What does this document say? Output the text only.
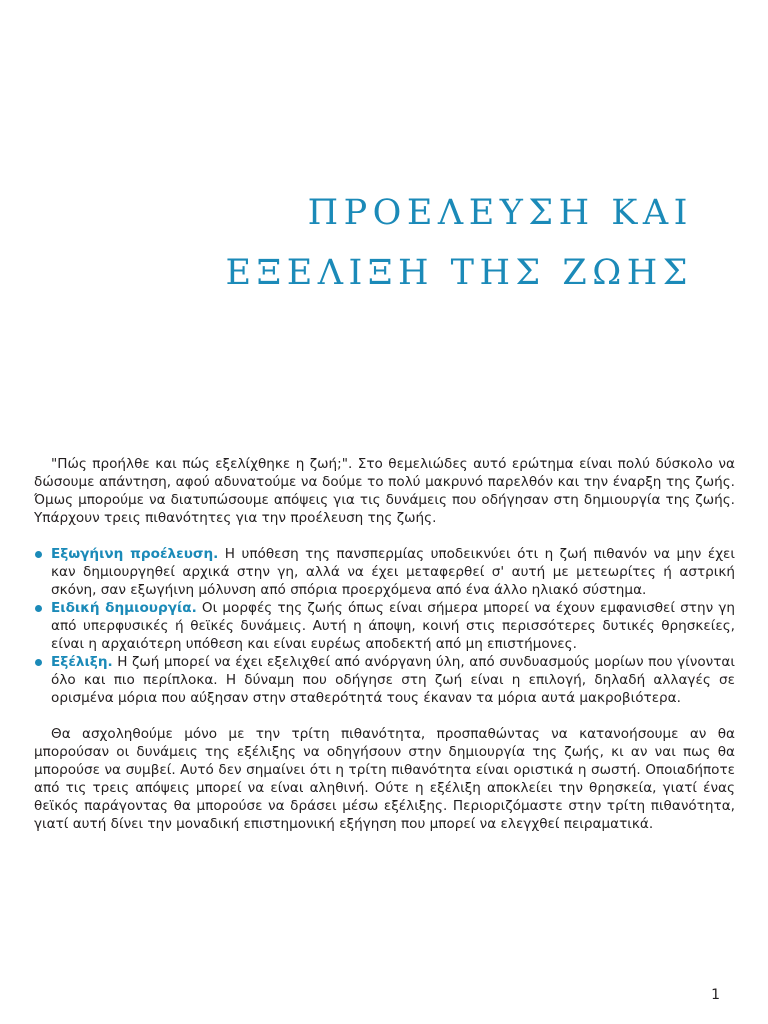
ΠΡΟΕΛΕΥΣΗ ΚΑΙ
ΕΞΕΛΙΞΗ ΤΗΣ ΖΩΗΣ

"Πώς προήλθε και πώς εξελίχθηκε η ζωή;". Στο θεμελιώδες αυτό ερώτημα είναι πολύ δύσκολο να δώσουμε απάντηση, αφού αδυνατούμε να δούμε το πολύ μακρυνό παρελθόν και την έναρξη της ζωής. Όμως μπορούμε να διατυπώσουμε απόψεις για τις δυνάμεις που οδήγησαν στη δημιουργία της ζωής. Υπάρχουν τρεις πιθανότητες για την προέλευση της ζωής.

Εξωγήινη προέλευση. Η υπόθεση της πανσπερμίας υποδεικνύει ότι η ζωή πιθανόν να μην έχει καν δημιουργηθεί αρχικά στην γη, αλλά να έχει μεταφερθεί σ' αυτή με μετεωρίτες ή αστρική σκόνη, σαν εξωγήινη μόλυνση από σπόρια προερχόμενα από ένα άλλο ηλιακό σύστημα.
Ειδική δημιουργία. Οι μορφές της ζωής όπως είναι σήμερα μπορεί να έχουν εμφανισθεί στην γη από υπερφυσικές ή θεϊκές δυνάμεις. Αυτή η άποψη, κοινή στις περισσότερες δυτικές θρησκείες, είναι η αρχαιότερη υπόθεση και είναι ευρέως αποδεκτή από μη επιστήμονες.
Εξέλιξη. Η ζωή μπορεί να έχει εξελιχθεί από ανόργανη ύλη, από συνδυασμούς μορίων που γίνονται όλο και πιο περίπλοκα. Η δύναμη που οδήγησε στη ζωή είναι η επιλογή, δηλαδή αλλαγές σε ορισμένα μόρια που αύξησαν στην σταθερότητά τους έκαναν τα μόρια αυτά μακροβιότερα.

Θα ασχοληθούμε μόνο με την τρίτη πιθανότητα, προσπαθώντας να κατανοήσουμε αν θα μπορούσαν οι δυνάμεις της εξέλιξης να οδηγήσουν στην δημιουργία της ζωής, κι αν ναι πως θα μπορούσε να συμβεί. Αυτό δεν σημαίνει ότι η τρίτη πιθανότητα είναι οριστικά η σωστή. Οποιαδήποτε από τις τρεις απόψεις μπορεί να είναι αληθινή. Ούτε η εξέλιξη αποκλείει την θρησκεία, γιατί ένας θεϊκός παράγοντας θα μπορούσε να δράσει μέσω εξέλιξης. Περιοριζόμαστε στην τρίτη πιθανότητα, γιατί αυτή δίνει την μοναδική επιστημονική εξήγηση που μπορεί να ελεγχθεί πειραματικά.

1
